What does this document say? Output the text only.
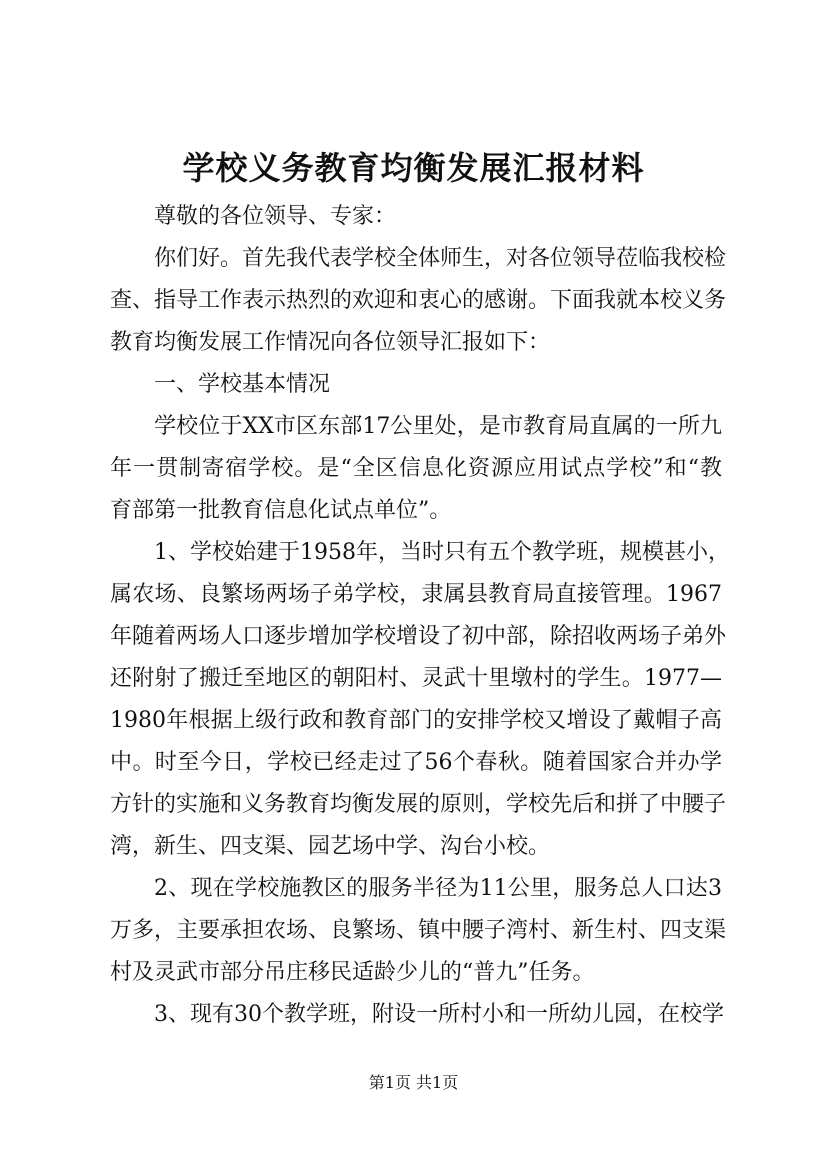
学校义务教育均衡发展汇报材料
尊敬的各位领导、专家：
你们好。首先我代表学校全体师生，对各位领导莅临我校检
查、指导工作表示热烈的欢迎和衷心的感谢。下面我就本校义务
教育均衡发展工作情况向各位领导汇报如下：
一、学校基本情况
学校位于XX市区东部17公里处，是市教育局直属的一所九
年一贯制寄宿学校。是“全区信息化资源应用试点学校”和“教
育部第一批教育信息化试点单位”。
1、学校始建于1958年，当时只有五个教学班，规模甚小，
属农场、良繁场两场子弟学校，隶属县教育局直接管理。1967
年随着两场人口逐步增加学校增设了初中部，除招收两场子弟外
还附射了搬迁至地区的朝阳村、灵武十里墩村的学生。1977—
1980年根据上级行政和教育部门的安排学校又增设了戴帽子高
中。时至今日，学校已经走过了56个春秋。随着国家合并办学
方针的实施和义务教育均衡发展的原则，学校先后和拼了中腰子
湾，新生、四支渠、园艺场中学、沟台小校。
2、现在学校施教区的服务半径为11公里，服务总人口达3
万多，主要承担农场、良繁场、镇中腰子湾村、新生村、四支渠
村及灵武市部分吊庄移民适龄少儿的“普九”任务。
3、现有30个教学班，附设一所村小和一所幼儿园，在校学
第1页 共1页
